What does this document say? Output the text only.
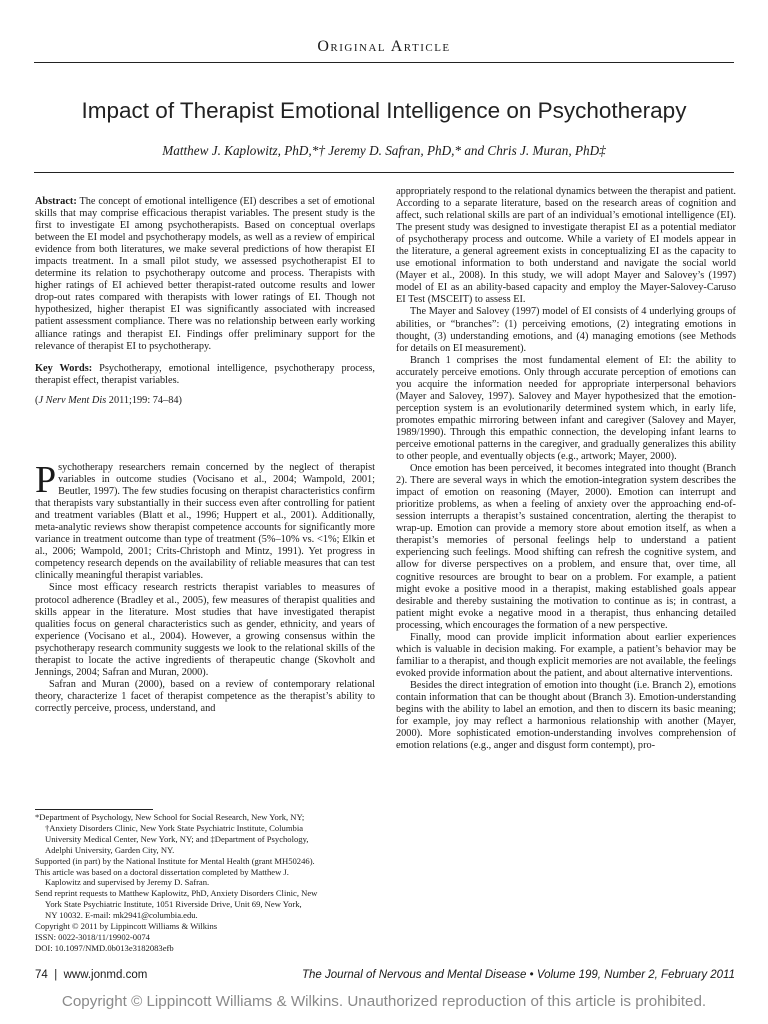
Original Article
Impact of Therapist Emotional Intelligence on Psychotherapy
Matthew J. Kaplowitz, PhD,*† Jeremy D. Safran, PhD,* and Chris J. Muran, PhD‡

Abstract: The concept of emotional intelligence (EI) describes a set of emotional skills that may comprise efficacious therapist variables. The present study is the first to investigate EI among psychotherapists. Based on conceptual overlaps between the EI model and psychotherapy models, as well as a review of empirical evidence from both literatures, we make several predictions of how therapist EI impacts treatment. In a small pilot study, we assessed psychotherapist EI to determine its relation to psychotherapy outcome and process. Therapists with higher ratings of EI achieved better therapist-rated outcome results and lower drop-out rates compared with therapists with lower ratings of EI. Though not hypothesized, higher therapist EI was significantly associated with increased patient assessment compliance. There was no relationship between early working alliance ratings and therapist EI. Findings offer preliminary support for the relevance of therapist EI to psychotherapy.

Key Words: Psychotherapy, emotional intelligence, psychotherapy process, therapist effect, therapist variables.

(J Nerv Ment Dis 2011;199: 74–84)

Psychotherapy researchers remain concerned by the neglect of therapist variables in outcome studies (Vocisano et al., 2004; Wampold, 2001; Beutler, 1997). The few studies focusing on therapist characteristics confirm that therapists vary substantially in their success even after controlling for patient and treatment variables (Blatt et al., 1996; Huppert et al., 2001). Additionally, meta-analytic reviews show therapist competence accounts for significantly more variance in treatment outcome than type of treatment (5%–10% vs. <1%; Elkin et al., 2006; Wampold, 2001; Crits-Christoph and Mintz, 1991). Yet progress in competency research depends on the availability of reliable measures that can test clinically meaningful therapist variables.

Since most efficacy research restricts therapist variables to measures of protocol adherence (Bradley et al., 2005), few measures of therapist qualities and skills appear in the literature. Most studies that have investigated therapist qualities focus on general characteristics such as gender, ethnicity, and years of experience (Vocisano et al., 2004). However, a growing consensus within the psychotherapy research community suggests we look to the relational skills of the therapist to locate the active ingredients of therapeutic change (Skovholt and Jennings, 2004; Safran and Muran, 2000).

Safran and Muran (2000), based on a review of contemporary relational theory, characterize 1 facet of therapist competence as the therapist’s ability to correctly perceive, process, understand, and

appropriately respond to the relational dynamics between the therapist and patient. According to a separate literature, based on the research areas of cognition and affect, such relational skills are part of an individual’s emotional intelligence (EI). The present study was designed to investigate therapist EI as a potential mediator of psychotherapy process and outcome. While a variety of EI models appear in the literature, a general agreement exists in conceptualizing EI as the capacity to use emotional information to both understand and navigate the social world (Mayer et al., 2008). In this study, we will adopt Mayer and Salovey’s (1997) model of EI as an ability-based capacity and employ the Mayer-Salovey-Caruso EI Test (MSCEIT) to assess EI.

The Mayer and Salovey (1997) model of EI consists of 4 underlying groups of abilities, or “branches”: (1) perceiving emotions, (2) integrating emotions in thought, (3) understanding emotions, and (4) managing emotions (see Methods for details on EI measurement).

Branch 1 comprises the most fundamental element of EI: the ability to accurately perceive emotions. Only through accurate perception of emotions can you acquire the information needed for appropriate interpersonal behaviors (Mayer and Salovey, 1997). Salovey and Mayer hypothesized that the emotion-perception system is an evolutionarily determined system which, in early life, promotes empathic mirroring between infant and caregiver (Salovey and Mayer, 1989/1990). Through this empathic connection, the developing infant learns to perceive emotional patterns in the caregiver, and gradually generalizes this ability to other people, and eventually objects (e.g., artwork; Mayer, 2000).

Once emotion has been perceived, it becomes integrated into thought (Branch 2). There are several ways in which the emotion-integration system describes the impact of emotion on reasoning (Mayer, 2000). Emotion can interrupt and prioritize problems, as when a feeling of anxiety over the approaching end-of-session interrupts a therapist’s sustained concentration, alerting the therapist to wrap-up. Emotion can provide a memory store about emotion itself, as when a therapist’s memories of personal feelings help to understand a patient experiencing such feelings. Mood shifting can refresh the cognitive system, and allow for diverse perspectives on a problem, and ensure that, over time, all cognitive resources are brought to bear on a problem. For example, a patient might evoke a positive mood in a therapist, making established goals appear desirable and thereby sustaining the motivation to continue as is; in contrast, a patient might evoke a negative mood in a therapist, thus enhancing detailed processing, which encourages the formation of a new perspective.

Finally, mood can provide implicit information about earlier experiences which is valuable in decision making. For example, a patient’s behavior may be familiar to a therapist, and though explicit memories are not available, the feelings evoked provide information about the patient, and about alternative interventions.

Besides the direct integration of emotion into thought (i.e. Branch 2), emotions contain information that can be thought about (Branch 3). Emotion-understanding begins with the ability to label an emotion, and then to discern its basic meaning; for example, joy may reflect a harmonious relationship with another (Mayer, 2000). More sophisticated emotion-understanding involves comprehension of emotion relations (e.g., anger and disgust form contempt), pro-

*Department of Psychology, New School for Social Research, New York, NY;
†Anxiety Disorders Clinic, New York State Psychiatric Institute, Columbia
University Medical Center, New York, NY; and ‡Department of Psychology,
Adelphi University, Garden City, NY.
Supported (in part) by the National Institute for Mental Health (grant MH50246).
This article was based on a doctoral dissertation completed by Matthew J.
Kaplowitz and supervised by Jeremy D. Safran.
Send reprint requests to Matthew Kaplowitz, PhD, Anxiety Disorders Clinic, New
York State Psychiatric Institute, 1051 Riverside Drive, Unit 69, New York,
NY 10032. E-mail: mk2941@columbia.edu.
Copyright © 2011 by Lippincott Williams & Wilkins
ISSN: 0022-3018/11/19902-0074
DOI: 10.1097/NMD.0b013e3182083efb
74 | www.jonmd.com	The Journal of Nervous and Mental Disease • Volume 199, Number 2, February 2011
Copyright © Lippincott Williams & Wilkins. Unauthorized reproduction of this article is prohibited.
